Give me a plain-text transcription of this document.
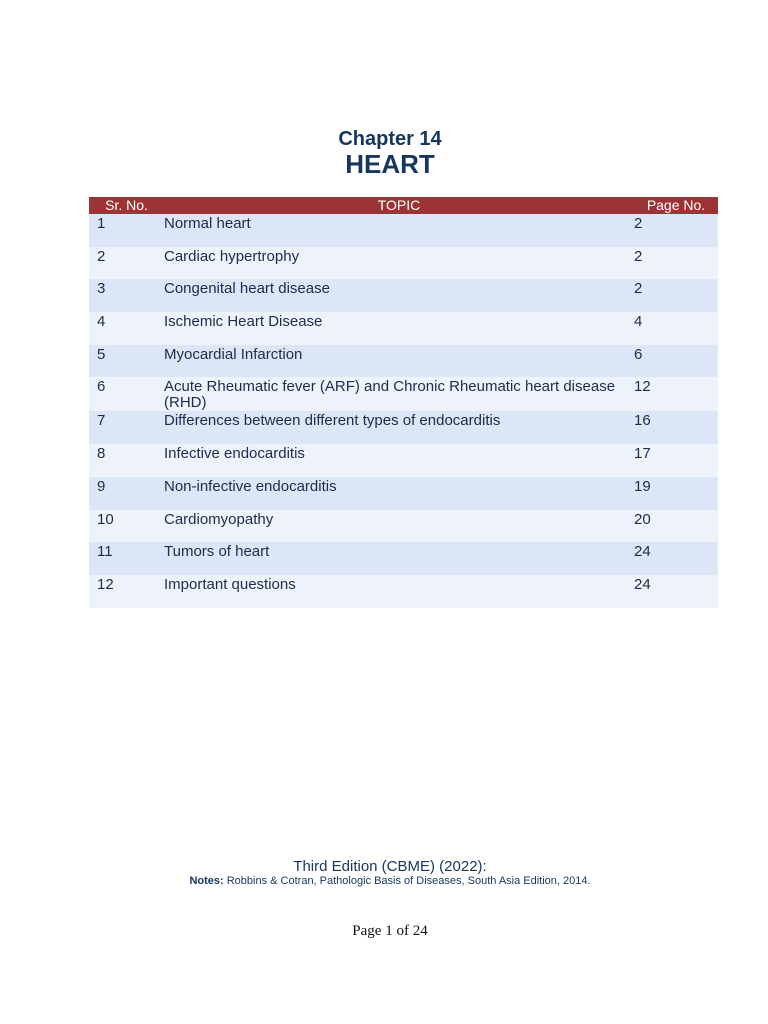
Chapter 14
HEART
Sr. No.	TOPIC	Page No.
1	Normal heart	2
2	Cardiac hypertrophy	2
3	Congenital heart disease	2
4	Ischemic Heart Disease	4
5	Myocardial Infarction	6
6	Acute Rheumatic fever (ARF) and Chronic Rheumatic heart disease (RHD)	12
7	Differences between different types of endocarditis	16
8	Infective endocarditis	17
9	Non-infective endocarditis	19
10	Cardiomyopathy	20
11	Tumors of heart	24
12	Important questions	24
Third Edition (CBME) (2022):
Notes: Robbins & Cotran, Pathologic Basis of Diseases, South Asia Edition, 2014.
Page 1 of 24
